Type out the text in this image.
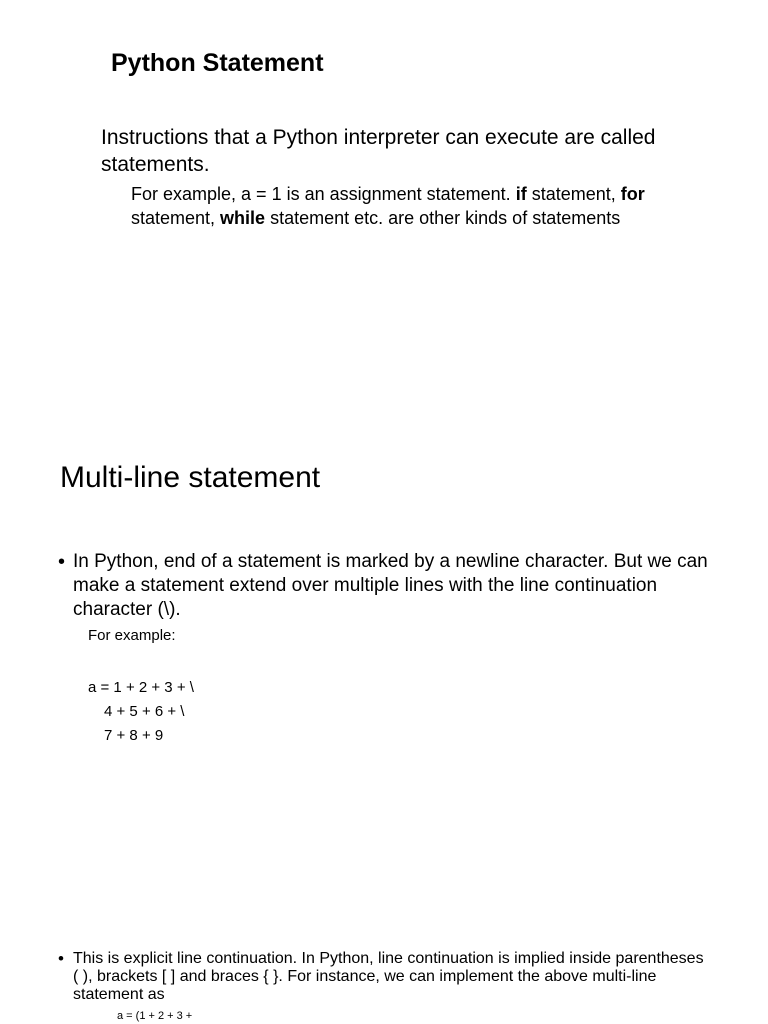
Python Statement
Instructions that a Python interpreter can execute are called statements.
For example, a = 1 is an assignment statement. if statement, for statement, while statement etc. are other kinds of statements
Multi-line statement
• In Python, end of a statement is marked by a newline character. But we can make a statement extend over multiple lines with the line continuation character (\).
For example:
a = 1 + 2 + 3 + \
4 + 5 + 6 + \
7 + 8 + 9
• This is explicit line continuation. In Python, line continuation is implied inside parentheses ( ), brackets [ ] and braces { }. For instance, we can implement the above multi-line statement as
a = (1 + 2 + 3 +
